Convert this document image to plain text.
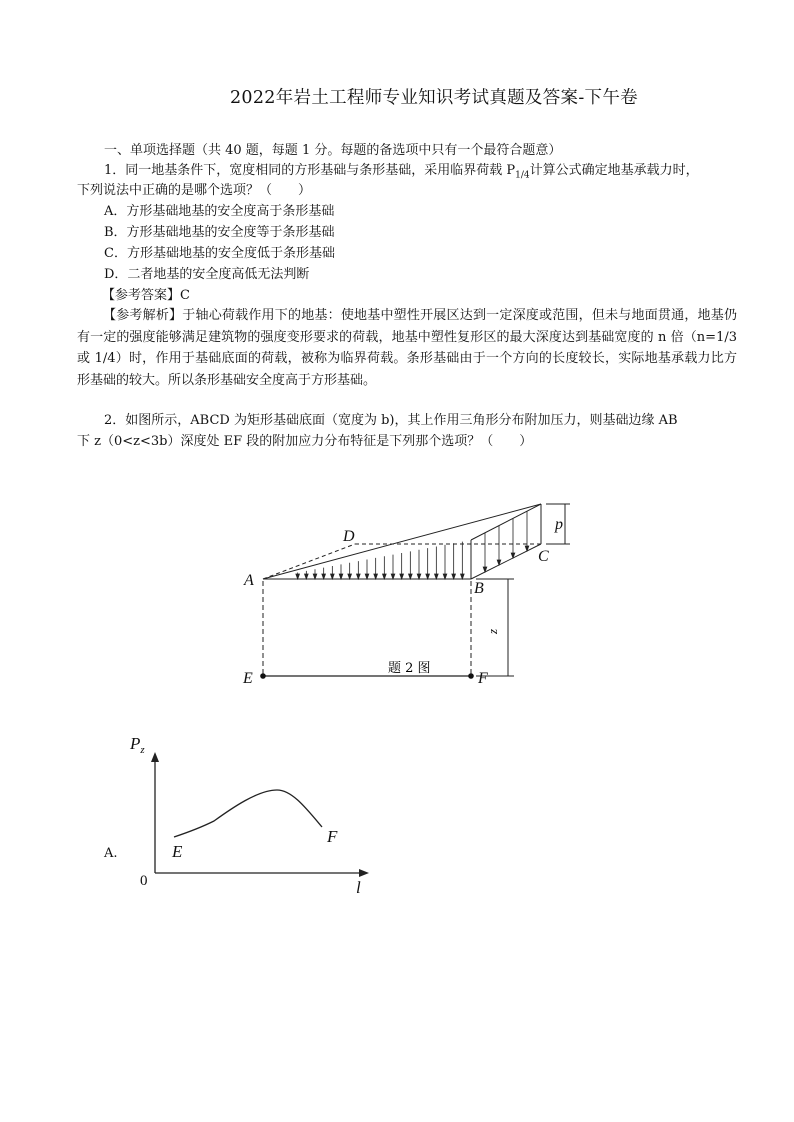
2022年岩土工程师专业知识考试真题及答案-下午卷
一、单项选择题（共 40 题，每题 1 分。每题的备选项中只有一个最符合题意）
1．同一地基条件下，宽度相同的方形基础与条形基础，采用临界荷载 $P_{1/4}$计算公式确定地基承载力时，
下列说法中正确的是哪个选项？（　　）
A．方形基础地基的安全度高于条形基础
B．方形基础地基的安全度等于条形基础
C．方形基础地基的安全度低于条形基础
D．二者地基的安全度高低无法判断
【参考答案】C
【参考解析】于轴心荷载作用下的地基：使地基中塑性开展区达到一定深度或范围，但未与地面贯通，地基仍有一定的强度能够满足建筑物的强度变形要求的荷载，地基中塑性复形区的最大深度达到基础宽度的 n 倍（n=1/3 或 1/4）时，作用于基础底面的荷载，被称为临界荷载。条形基础由于一个方向的长度较长，实际地基承载力比方形基础的较大。所以条形基础安全度高于方形基础。
2．如图所示，ABCD 为矩形基础底面（宽度为 b)，其上作用三角形分布附加压力，则基础边缘 AB
下 z（0<z<3b）深度处 EF 段的附加应力分布特征是下列那个选项？（　　）
A	B
C
D
E	F
p
z
题 2 图
$P_z$
l
E
F
0
A.
